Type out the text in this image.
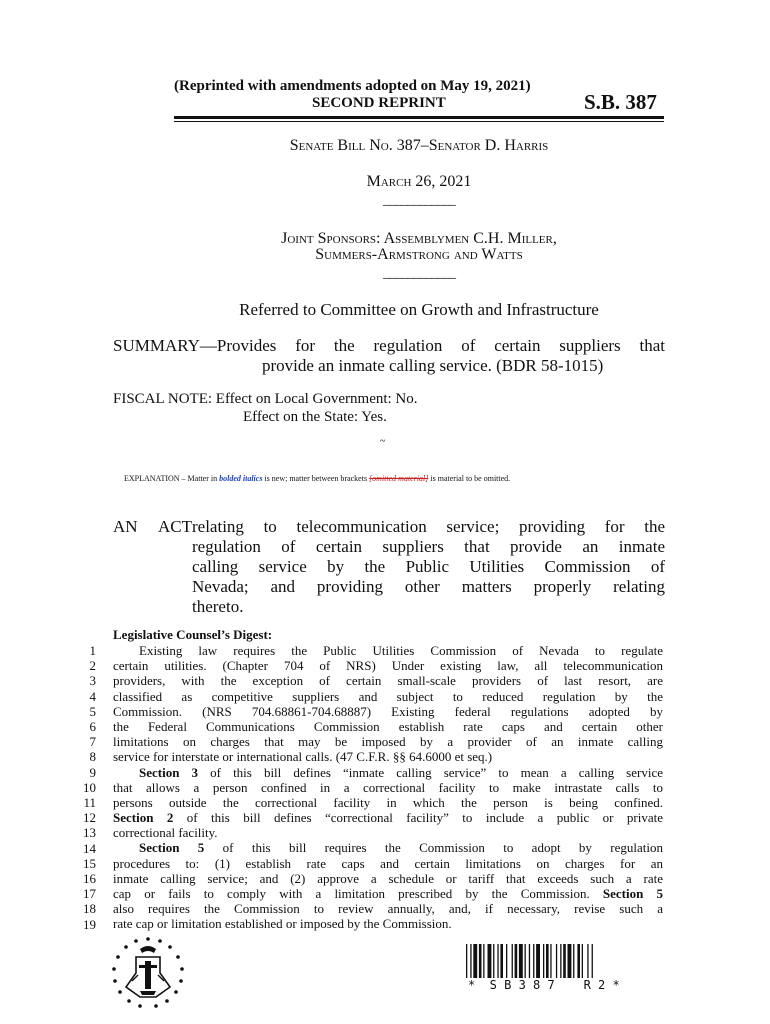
(Reprinted with amendments adopted on May 19, 2021)
SECOND REPRINT	S.B. 387
Senate Bill No. 387–Senator D. Harris
March 26, 2021
____________
Joint Sponsors: Assemblymen C.H. Miller,
Summers-Armstrong and Watts
____________
Referred to Committee on Growth and Infrastructure
SUMMARY—Provides for the regulation of certain suppliers that
provide an inmate calling service. (BDR 58-1015)
FISCAL NOTE: Effect on Local Government: No.
Effect on the State: Yes.
~
EXPLANATION – Matter in bolded italics is new; matter between brackets [omitted material] is material to be omitted.
AN ACTrelating to telecommunication service; providing for the
regulation of certain suppliers that provide an inmate
calling service by the Public Utilities Commission of
Nevada; and providing other matters properly relating
thereto.
Legislative Counsel’s Digest:
1
2
3
4
5
6
7
8
9
10
11
12
13
14
15
16
17
18
19
Existing law requires the Public Utilities Commission of Nevada to regulate
certain utilities. (Chapter 704 of NRS) Under existing law, all telecommunication
providers, with the exception of certain small-scale providers of last resort, are
classified as competitive suppliers and subject to reduced regulation by the
Commission. (NRS 704.68861-704.68887) Existing federal regulations adopted by
the Federal Communications Commission establish rate caps and certain other
limitations on charges that may be imposed by a provider of an inmate calling
service for interstate or international calls. (47 C.F.R. §§ 64.6000 et seq.)
Section 3 of this bill defines “inmate calling service” to mean a calling service
that allows a person confined in a correctional facility to make intrastate calls to
persons outside the correctional facility in which the person is being confined.
Section 2 of this bill defines “correctional facility” to include a public or private
correctional facility.
Section 5 of this bill requires the Commission to adopt by regulation
procedures to: (1) establish rate caps and certain limitations on charges for an
inmate calling service; and (2) approve a schedule or tariff that exceeds such a rate
cap or fails to comply with a limitation prescribed by the Commission. Section 5
also requires the Commission to review annually, and, if necessary, revise such a
rate cap or limitation established or imposed by the Commission.
*  S B 3 8 7    R 2 *
